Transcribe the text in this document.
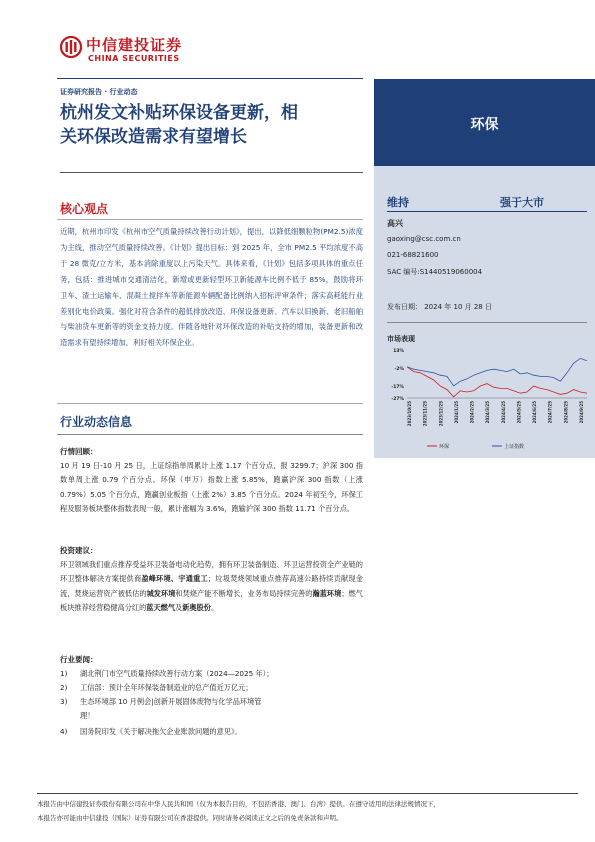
中信建投证券
CHINA SECURITIES
证券研究报告 · 行业动态
杭州发文补贴环保设备更新，相
关环保改造需求有望增长
环保
维持	强于大市
高兴
gaoxing@csc.com.cn
021-68821600
SAC 编号:S1440519060004
发布日期： 2024 年 10 月 28 日
市场表现
13%
-2%
-17%
-27%
2023/10/25	2023/11/25	2023/12/25	2024/1/25	2024/2/25	2024/3/25	2024/4/25	2024/5/25	2024/6/25	2024/7/25	2024/8/25	2024/9/25
环保	上证指数
核心观点
近期，杭州市印发《杭州市空气质量持续改善行动计划》，提出，以降低细颗粒物(PM2.5)浓度为主线，推动空气质量持续改善。《计划》提出目标：到 2025 年，全市 PM2.5 平均浓度不高于 28 微克/立方米，基本消除重度以上污染天气。具体来看，《计划》包括多项具体的重点任务，包括：推进城市交通清洁化，新增或更新轻型环卫新能源车比例不低于 85%，鼓励将环卫车、渣土运输车、混凝土搅拌车等新能源车辆配备比例纳入招标评审条件；落实高耗能行业差别化电价政策。强化对符合条件的超低排放改造、环保设备更新、汽车以旧换新、老旧船舶与柴油货车更新等的资金支持力度。伴随各地针对环保改造的补贴支持的增加，装备更新和改造需求有望持续增加，利好相关环保企业。
行业动态信息
行情回顾：
10 月 19 日-10 月 25 日，上证综指单周累计上涨 1.17 个百分点，报 3299.7；沪深 300 指数单周上涨 0.79 个百分点。环保（申万）指数上涨 5.85%，跑赢沪深 300 指数（上涨 0.79%）5.05 个百分点，跑赢创业板指（上涨 2%）3.85 个百分点。2024 年初至今，环保工程及服务板块整体指数表现一般，累计涨幅为 3.6%，跑输沪深 300 指数 11.71 个百分点。
投资建议：
环卫领域我们重点推荐受益环卫装备电动化趋势，拥有环卫装备制造、环卫运营投资全产业链的环卫整体解决方案提供商盈峰环境、宇通重工；垃圾焚烧领域重点推荐高速公路持续贡献现金流，焚烧运营资产被低估的城发环境和焚烧产能不断增长，业务布局持续完善的瀚蓝环境；燃气板块推荐经营稳健高分红的蓝天燃气及新奥股份。
行业要闻：
1) 湖北荆门市空气质量持续改善行动方案（2024—2025 年）；
2) 工信部：预计全年环保装备制造业的总产值近万亿元；
3) 生态环境部 10 月例会|创新开展固体废物与化学品环境管
理！
4) 国务院印发《关于解决拖欠企业账款问题的意见》。
本报告由中信建投证券股份有限公司在中华人民共和国（仅为本报告目的，不包括香港、澳门、台湾）提供。在遵守适用的法律法规情况下，
本报告亦可能由中信建投（国际）证券有限公司在香港提供。同时请务必阅读正文之后的免责条款和声明。
